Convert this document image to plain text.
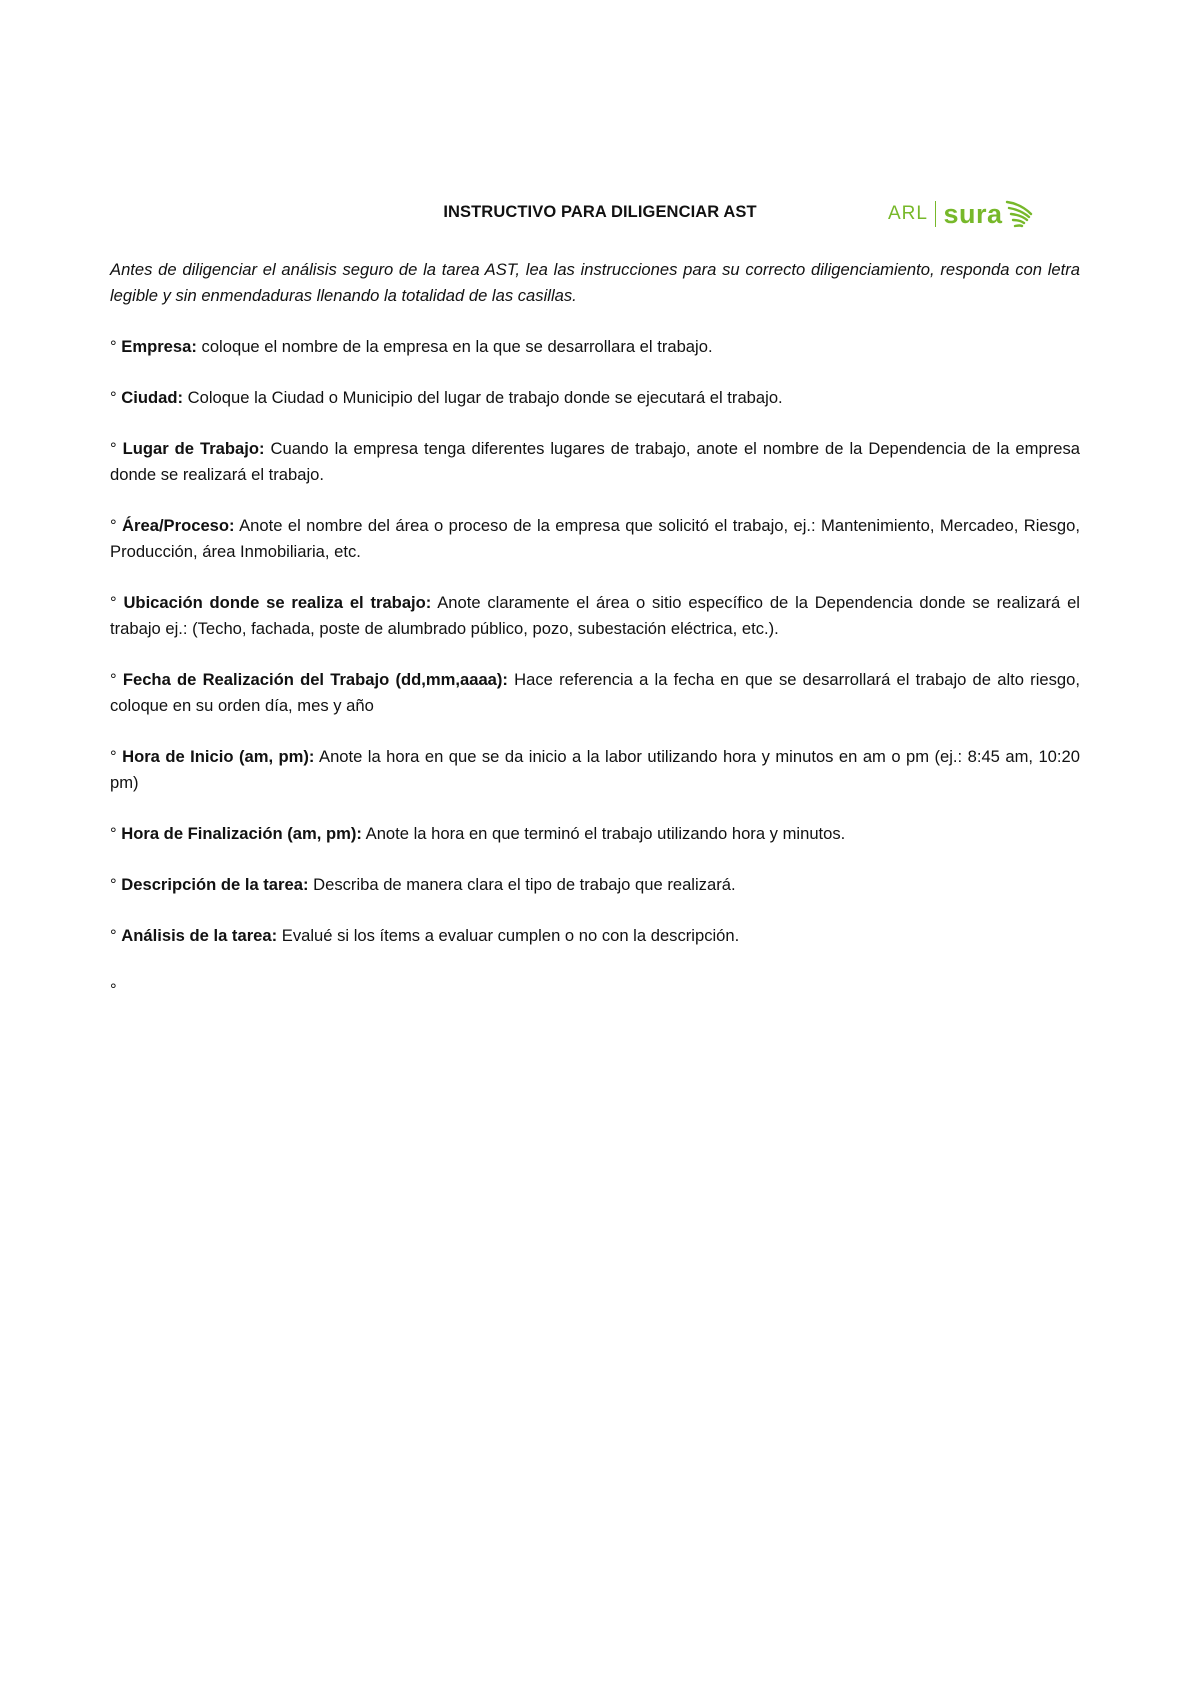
INSTRUCTIVO PARA DILIGENCIAR AST	ARL sura

Antes de diligenciar el análisis seguro de la tarea AST, lea las instrucciones para su correcto diligenciamiento, responda con letra legible y sin enmendaduras llenando la totalidad de las casillas.

° Empresa: coloque el nombre de la empresa en la que se desarrollara el trabajo.

° Ciudad: Coloque la Ciudad o Municipio del lugar de trabajo donde se ejecutará el trabajo.

° Lugar de Trabajo: Cuando la empresa tenga diferentes lugares de trabajo, anote el nombre de la Dependencia de la empresa donde se realizará el trabajo.

° Área/Proceso: Anote el nombre del área o proceso de la empresa que solicitó el trabajo, ej.: Mantenimiento, Mercadeo, Riesgo, Producción, área Inmobiliaria, etc.

° Ubicación donde se realiza el trabajo: Anote claramente el área o sitio específico de la Dependencia donde se realizará el trabajo ej.: (Techo, fachada, poste de alumbrado público, pozo, subestación eléctrica, etc.).

° Fecha de Realización del Trabajo (dd,mm,aaaa): Hace referencia a la fecha en que se desarrollará el trabajo de alto riesgo, coloque en su orden día, mes y año

° Hora de Inicio (am, pm): Anote la hora en que se da inicio a la labor utilizando hora y minutos en am o pm (ej.: 8:45 am, 10:20 pm)

° Hora de Finalización (am, pm): Anote la hora en que terminó el trabajo utilizando hora y minutos.

° Descripción de la tarea: Describa de manera clara el tipo de trabajo que realizará.

° Análisis de la tarea: Evalué si los ítems a evaluar cumplen o no con la descripción.

°
